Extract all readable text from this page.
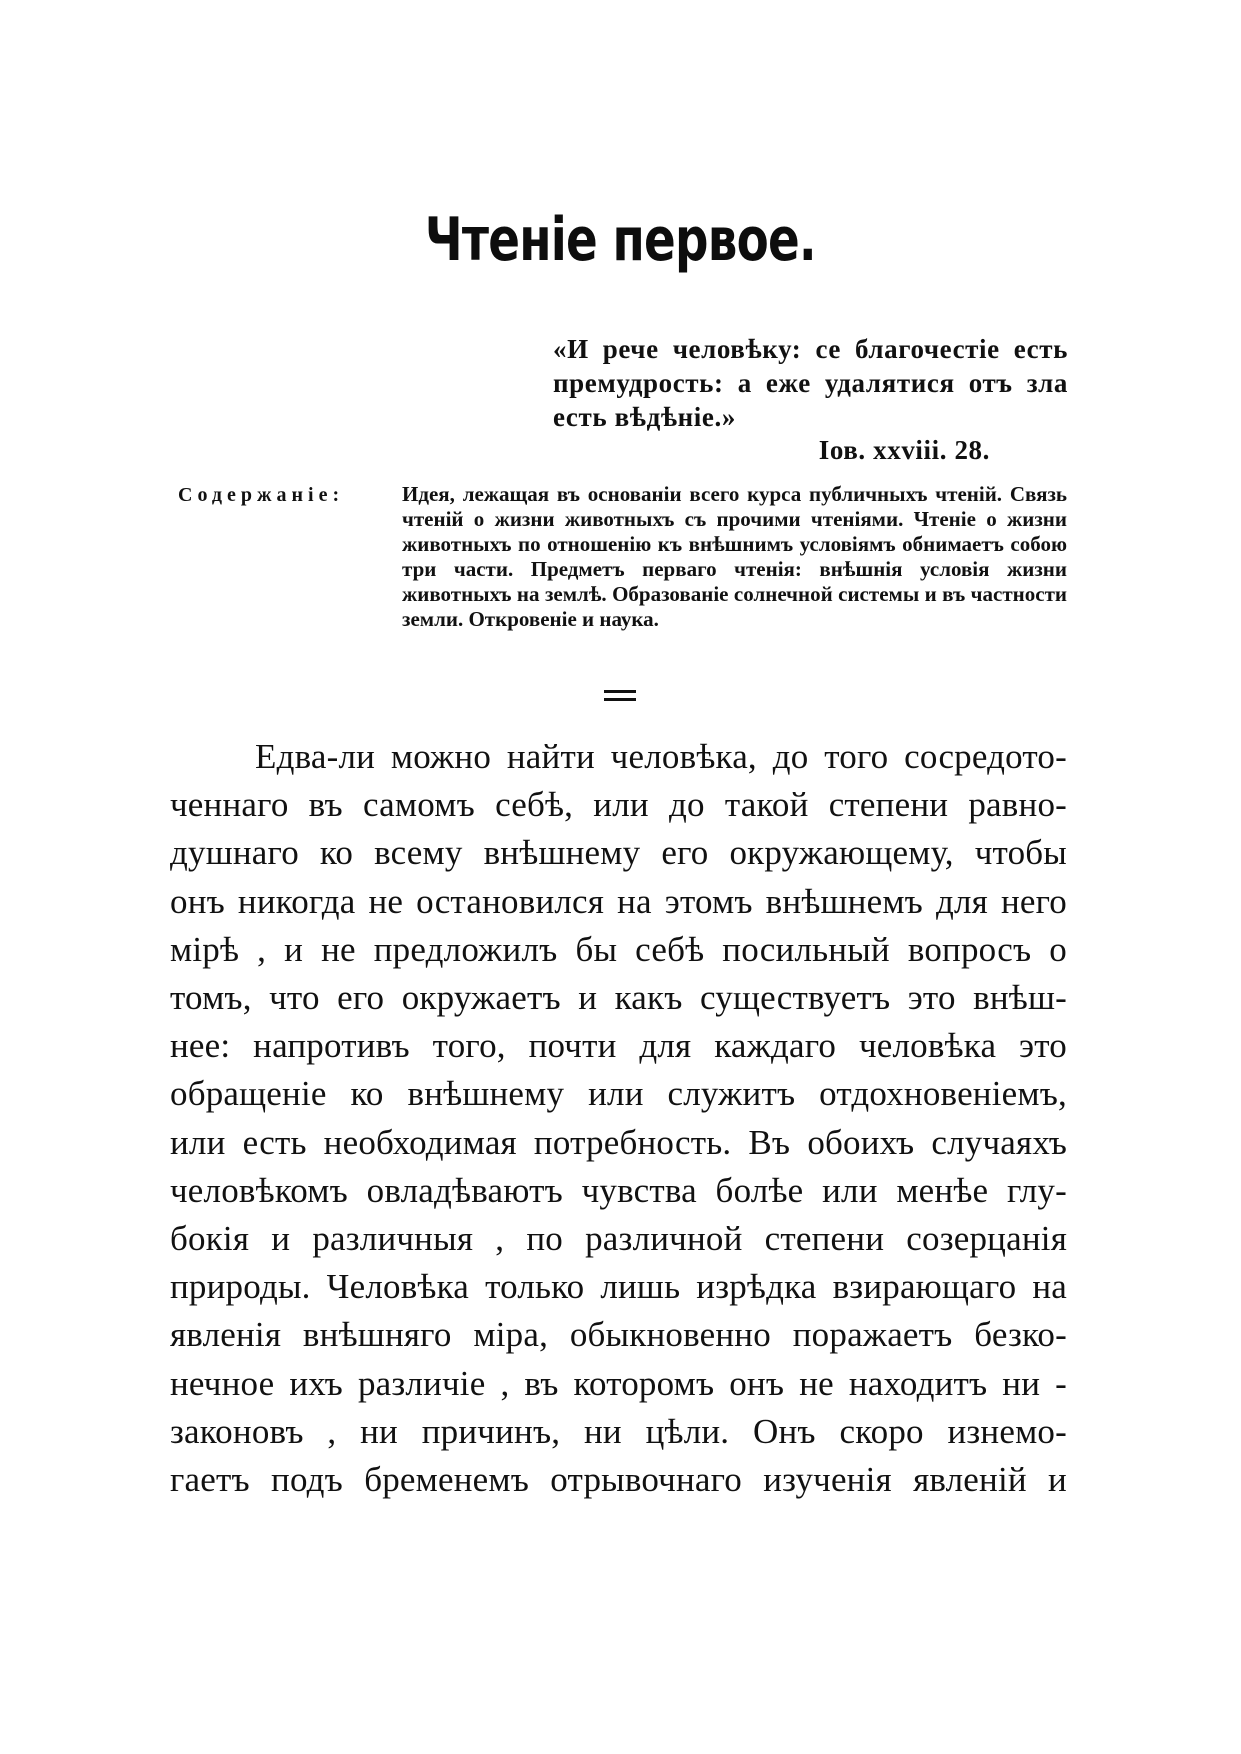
Чтеніе первое.
«И рече человѣку: се благочестіе есть премудрость: а еже удалятися отъ зла есть вѣдѣніе.»
Іов. xxvііі. 28.
Содержаніе:	Идея, лежащая въ основаніи всего курса публичныхъ чтеній. Связь чтеній о жизни животныхъ съ прочими чтеніями. Чтеніе о жизни животныхъ по отношенію къ внѣшнимъ условіямъ обнимаетъ собою три части. Предметъ перваго чтенія: внѣшнія условія жизни животныхъ на землѣ. Образованіе солнечной системы и въ частности земли. Откровеніе и наука.
Едва-ли можно найти человѣка, до того сосредото-
ченнаго въ самомъ себѣ, или до такой степени равно-
душнаго ко всему внѣшнему его окружающему, чтобы
онъ никогда не остановился на этомъ внѣшнемъ для него
мірѣ , и не предложилъ бы себѣ посильный вопросъ о
томъ, что его окружаетъ и какъ существуетъ это внѣш-
нее: напротивъ того, почти для каждаго человѣка это
обращеніе ко внѣшнему или служитъ отдохновеніемъ,
или есть необходимая потребность. Въ обоихъ случаяхъ
человѣкомъ овладѣваютъ чувства болѣе или менѣе глу-
бокія и различныя , по различной степени созерцанія
природы. Человѣка только лишь изрѣдка взирающаго на
явленія внѣшняго міра, обыкновенно поражаетъ безко-
нечное ихъ различіе , въ которомъ онъ не находитъ ни -
законовъ , ни причинъ, ни цѣли. Онъ скоро изнемо-
гаетъ подъ бременемъ отрывочнаго изученія явленій и
